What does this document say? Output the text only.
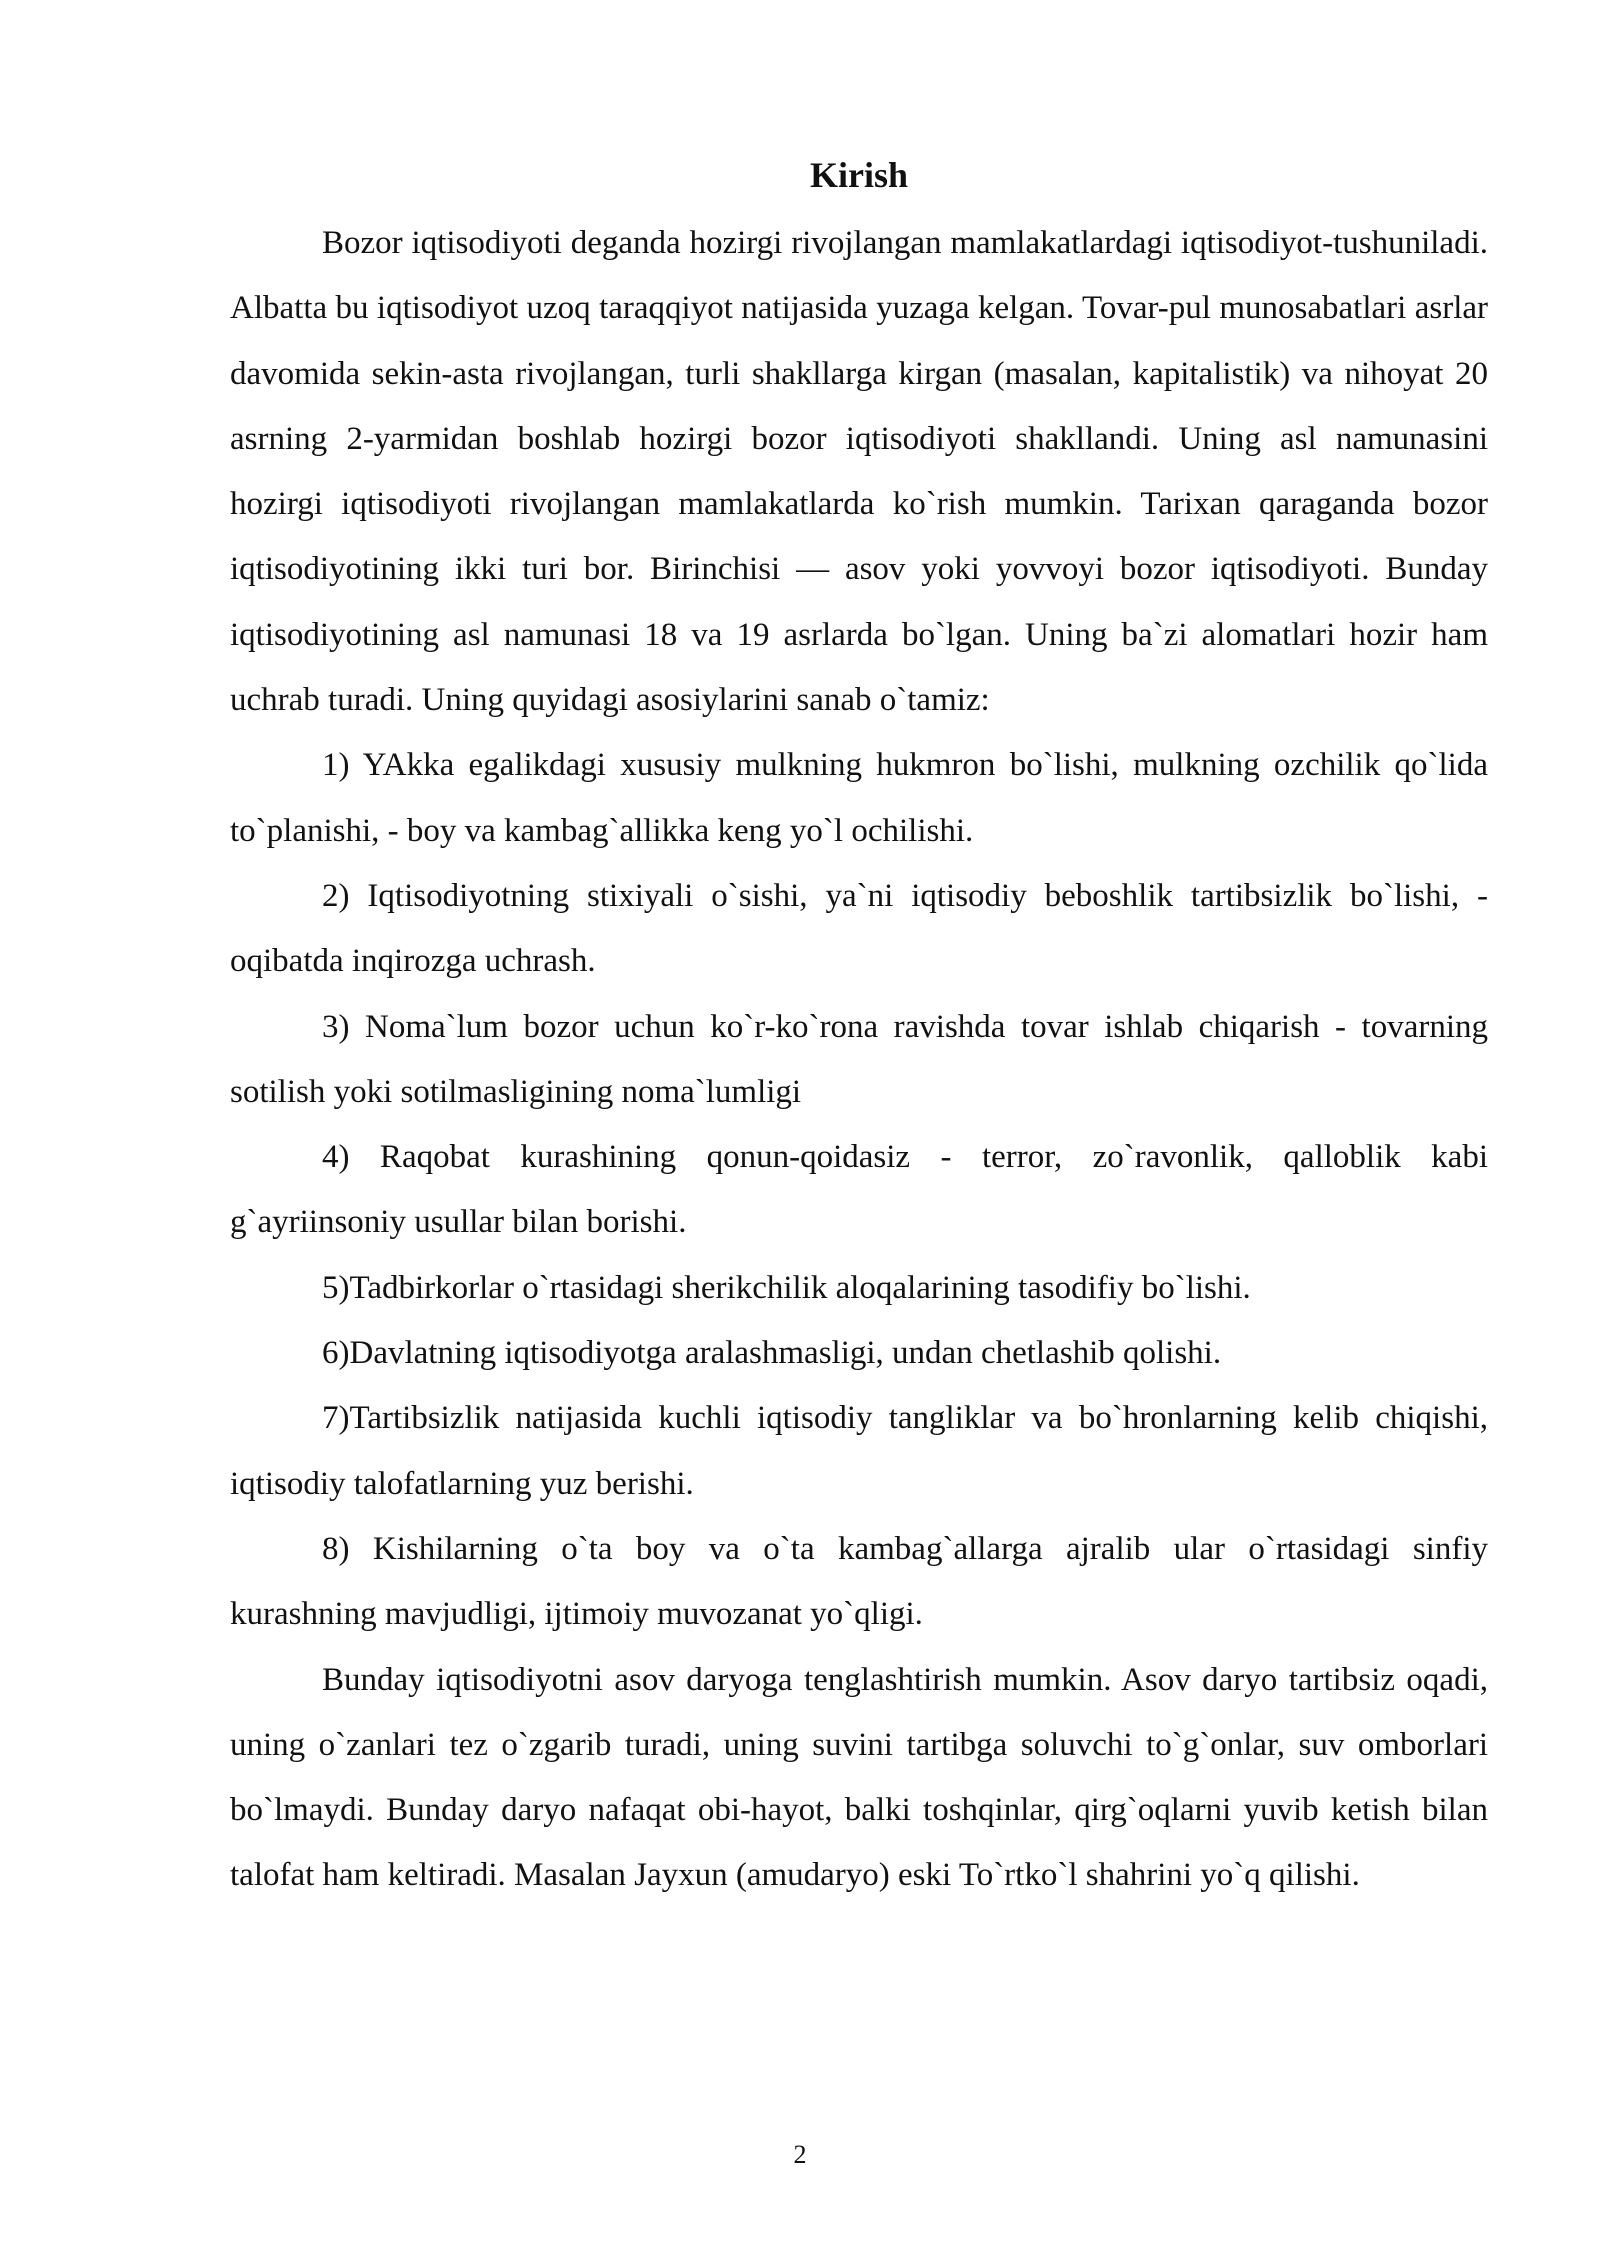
Kirish

Bozor iqtisodiyoti deganda hozirgi rivojlangan mamlakatlardagi iqtisodiyot-tushuniladi. Albatta bu iqtisodiyot uzoq taraqqiyot natijasida yuzaga kelgan. Tovar-pul munosabatlari asrlar davomida sekin-asta rivojlangan, turli shakllarga kirgan (masalan, kapitalistik) va nihoyat 20 asrning 2-yarmidan boshlab hozirgi bozor iqtisodiyoti shakllandi. Uning asl namunasini hozirgi iqtisodiyoti rivojlangan mamlakatlarda ko`rish mumkin. Tarixan qaraganda bozor iqtisodiyotining ikki turi bor. Birinchisi — asov yoki yovvoyi bozor iqtisodiyoti. Bunday iqtisodiyotining asl namunasi 18 va 19 asrlarda bo`lgan. Uning ba`zi alomatlari hozir ham uchrab turadi. Uning quyidagi asosiylarini sanab o`tamiz:

1) YAkka egalikdagi xususiy mulkning hukmron bo`lishi, mulkning ozchilik qo`lida to`planishi, - boy va kambag`allikka keng yo`l ochilishi.

2) Iqtisodiyotning stixiyali o`sishi, ya`ni iqtisodiy beboshlik tartibsizlik bo`lishi, - oqibatda inqirozga uchrash.

3) Noma`lum bozor uchun ko`r-ko`rona ravishda tovar ishlab chiqarish - tovarning sotilish yoki sotilmasligining noma`lumligi

4) Raqobat kurashining qonun-qoidasiz - terror, zo`ravonlik, qalloblik kabi g`ayriinsoniy usullar bilan borishi.

5)Tadbirkorlar o`rtasidagi sherikchilik aloqalarining tasodifiy bo`lishi.

6)Davlatning iqtisodiyotga aralashmasligi, undan chetlashib qolishi.

7)Tartibsizlik natijasida kuchli iqtisodiy tangliklar va bo`hronlarning kelib chiqishi, iqtisodiy talofatlarning yuz berishi.

8) Kishilarning o`ta boy va o`ta kambag`allarga ajralib ular o`rtasidagi sinfiy kurashning mavjudligi, ijtimoiy muvozanat yo`qligi.

Bunday iqtisodiyotni asov daryoga tenglashtirish mumkin. Asov daryo tartibsiz oqadi, uning o`zanlari tez o`zgarib turadi, uning suvini tartibga soluvchi to`g`onlar, suv omborlari bo`lmaydi. Bunday daryo nafaqat obi-hayot, balki toshqinlar, qirg`oqlarni yuvib ketish bilan talofat ham keltiradi. Masalan Jayxun (amudaryo) eski To`rtko`l shahrini yo`q qilishi.

2
